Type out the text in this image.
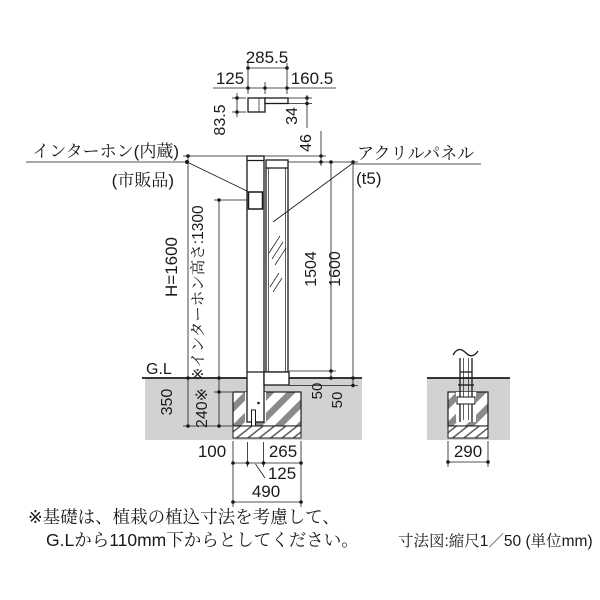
285.5
125	160.5
83.5	34
インターホン(内蔵)
(市販品)
アクリルパネル
(t5)
G.L
H=1600
350
※インターホン高さ:1300
240※
46
1504
50
1600
50
100	265
125
490
290
※基礎は、植栽の植込寸法を考慮して、
G.Lから110mm下からとしてください。	寸法図:縮尺1／50 (単位mm)
